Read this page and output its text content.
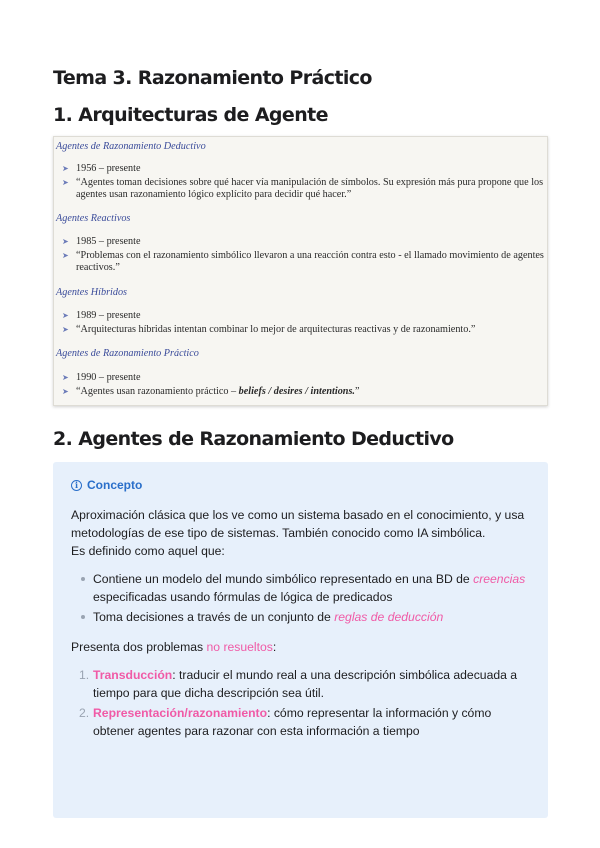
Tema 3. Razonamiento Práctico
1. Arquitecturas de Agente
Agentes de Razonamiento Deductivo
➤ 1956 – presente
➤ “Agentes toman decisiones sobre qué hacer vía manipulación de símbolos. Su expresión más pura propone que los agentes usan razonamiento lógico explícito para decidir qué hacer.”
Agentes Reactivos
➤ 1985 – presente
➤ “Problemas con el razonamiento simbólico llevaron a una reacción contra esto - el llamado movimiento de agentes reactivos.”
Agentes Híbridos
➤ 1989 – presente
➤ “Arquitecturas híbridas intentan combinar lo mejor de arquitecturas reactivas y de razonamiento.”
Agentes de Razonamiento Práctico
➤ 1990 – presente
➤ “Agentes usan razonamiento práctico – beliefs / desires / intentions.”
2. Agentes de Razonamiento Deductivo
i Concepto

Aproximación clásica que los ve como un sistema basado en el conocimiento, y usa metodologías de ese tipo de sistemas. También conocido como IA simbólica.

Es definido como aquel que:

Contiene un modelo del mundo simbólico representado en una BD de creencias especificadas usando fórmulas de lógica de predicados
Toma decisiones a través de un conjunto de reglas de deducción

Presenta dos problemas no resueltos:

1. Transducción: traducir el mundo real a una descripción simbólica adecuada a tiempo para que dicha descripción sea útil.
2. Representación/razonamiento: cómo representar la información y cómo obtener agentes para razonar con esta información a tiempo
